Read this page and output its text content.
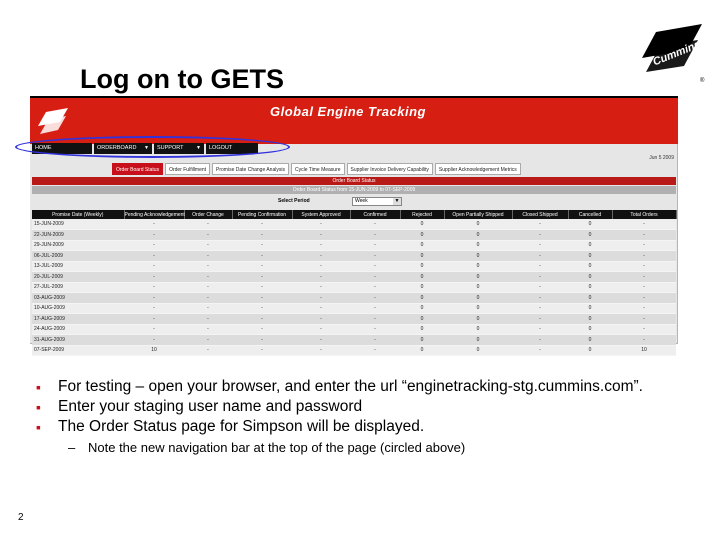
Log on to GETS
Cummins
®
Global Engine Tracking
HOME	ORDERBOARD ▼ SUPPORT	▼ LOGOUT
Jun 5 2009
Order Board Status	Order Fulfillment	Promise Date Change Analysis	Cycle Time Measure	Supplier Invoice Delivery Capability	Supplier Acknowledgement Metrics
Order Board Status
Order Board Status from 15-JUN-2009 to 07-SEP-2009
Select Period	Week	▼
Promise Date (Weekly)	Pending Acknowledgement	Order Change	Pending Confirmation	System Approved	Confirmed	Rejected	Open Partially Shipped	Closed Shipped	Cancelled	Total Orders
15-JUN-2009	-	-	-	-	-	0	0	-	0	-
22-JUN-2009	-	-	-	-	-	0	0	-	0	-
29-JUN-2009	-	-	-	-	-	0	0	-	0	-
06-JUL-2009	-	-	-	-	-	0	0	-	0	-
13-JUL-2009	-	-	-	-	-	0	0	-	0	-
20-JUL-2009	-	-	-	-	-	0	0	-	0	-
27-JUL-2009	-	-	-	-	-	0	0	-	0	-
03-AUG-2009	-	-	-	-	-	0	0	-	0	-
10-AUG-2009	-	-	-	-	-	0	0	-	0	-
17-AUG-2009	-	-	-	-	-	0	0	-	0	-
24-AUG-2009	-	-	-	-	-	0	0	-	0	-
31-AUG-2009	-	-	-	-	-	0	0	-	0	-
07-SEP-2009	10	-	-	-	-	0	0	-	0	10
▪ For testing – open your browser, and enter the url “enginetracking-stg.cummins.com”.
▪ Enter your staging user name and password
▪ The Order Status page for Simpson will be displayed.
– Note the new navigation bar at the top of the page (circled above)
2
